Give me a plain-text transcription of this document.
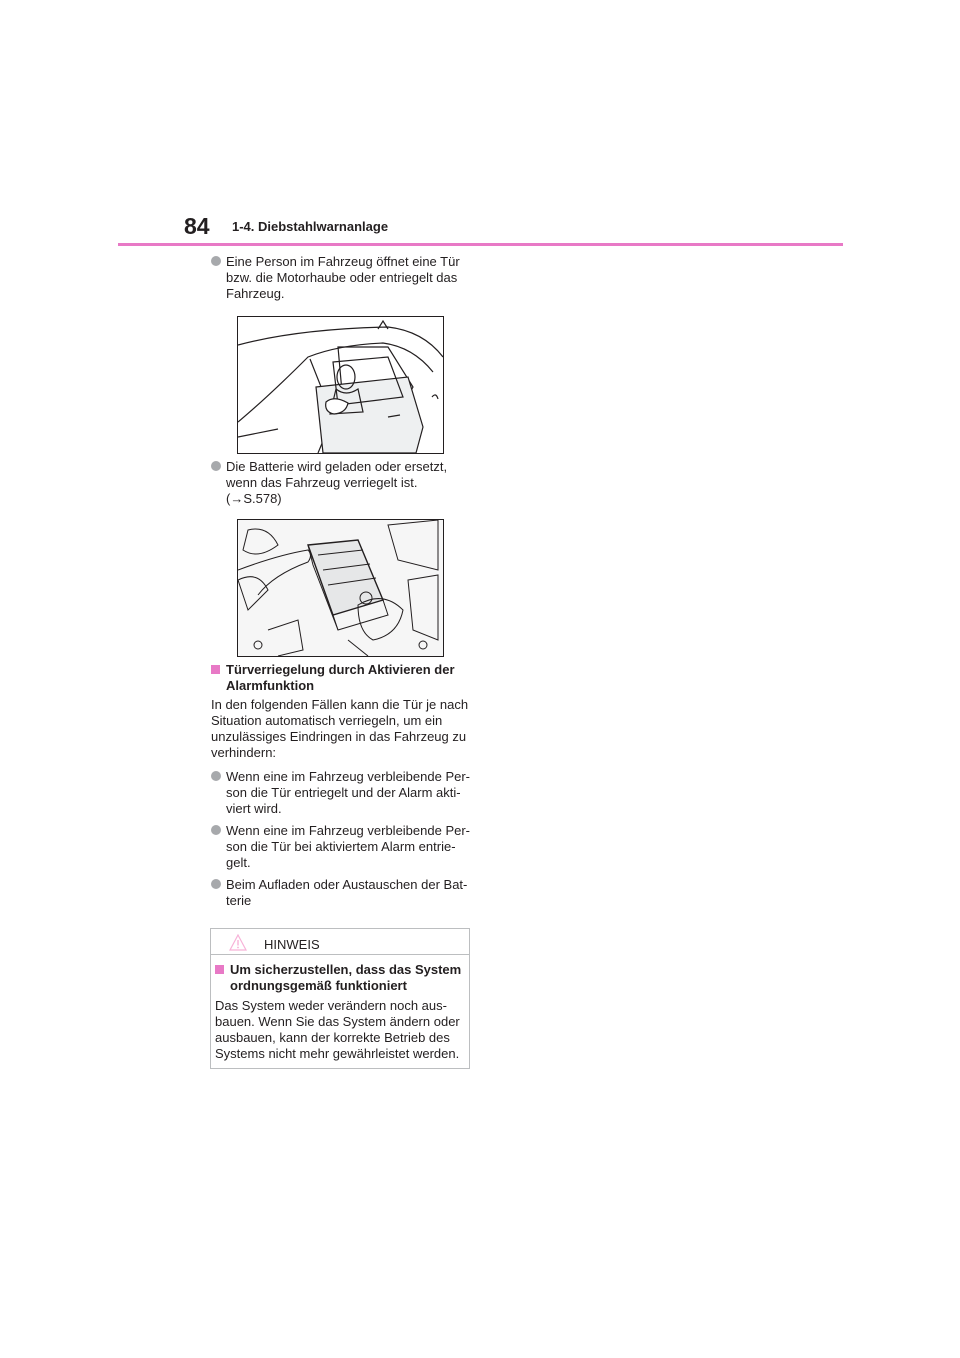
84 1-4. Diebstahlwarnanlage
Eine Person im Fahrzeug öffnet eine Tür bzw. die Motorhaube oder entriegelt das Fahrzeug.
Die Batterie wird geladen oder ersetzt, wenn das Fahrzeug verriegelt ist.
(→S.578)
Türverriegelung durch Aktivieren der Alarmfunktion
In den folgenden Fällen kann die Tür je nach Situation automatisch verriegeln, um ein unzulässiges Eindringen in das Fahrzeug zu verhindern:
Wenn eine im Fahrzeug verbleibende Per-son die Tür entriegelt und der Alarm akti-viert wird.
Wenn eine im Fahrzeug verbleibende Per-son die Tür bei aktiviertem Alarm entrie-gelt.
Beim Aufladen oder Austauschen der Bat-terie
HINWEIS
Um sicherzustellen, dass das System ordnungsgemäß funktioniert
Das System weder verändern noch aus-bauen. Wenn Sie das System ändern oder ausbauen, kann der korrekte Betrieb des Systems nicht mehr gewährleistet werden.
